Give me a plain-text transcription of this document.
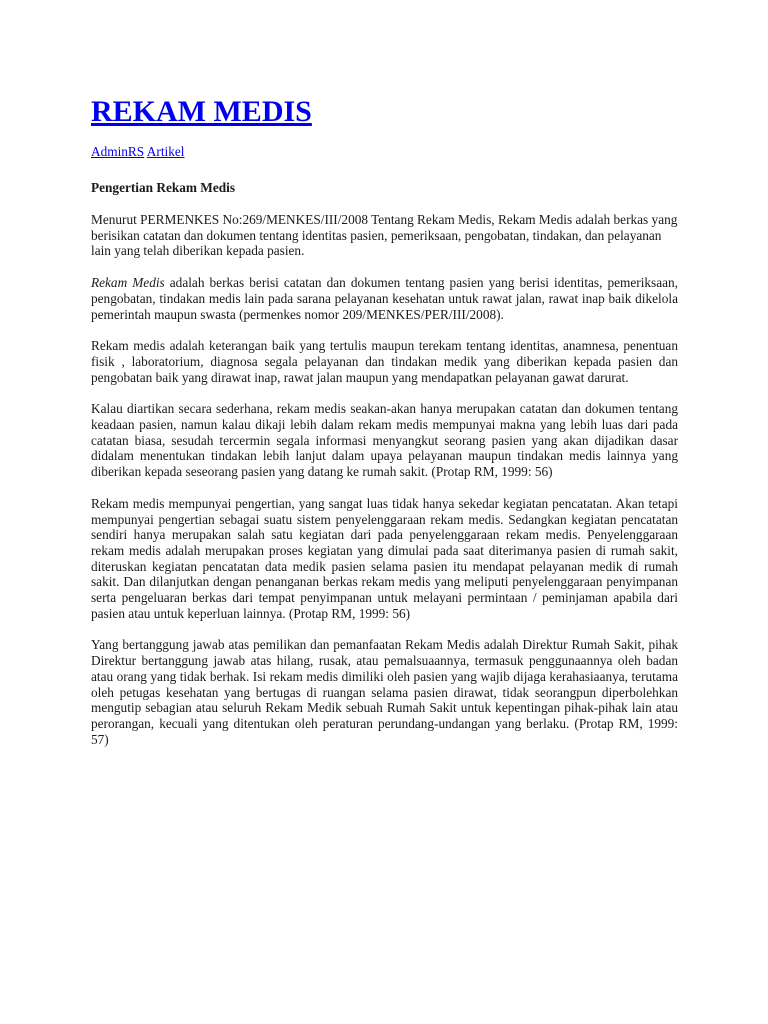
REKAM MEDIS
AdminRS Artikel
Pengertian Rekam Medis

Menurut PERMENKES No:269/MENKES/III/2008 Tentang Rekam Medis, Rekam Medis adalah berkas yang berisikan catatan dan dokumen tentang identitas pasien, pemeriksaan, pengobatan, tindakan, dan pelayanan lain yang telah diberikan kepada pasien.

Rekam Medis adalah berkas berisi catatan dan dokumen tentang pasien yang berisi identitas, pemeriksaan, pengobatan, tindakan medis lain pada sarana pelayanan kesehatan untuk rawat jalan, rawat inap baik dikelola pemerintah maupun swasta (permenkes nomor 209/MENKES/PER/III/2008).

Rekam medis adalah keterangan baik yang tertulis maupun terekam tentang identitas, anamnesa, penentuan fisik , laboratorium, diagnosa segala pelayanan dan tindakan medik yang diberikan kepada pasien dan pengobatan baik yang dirawat inap, rawat jalan maupun yang mendapatkan pelayanan gawat darurat.

Kalau diartikan secara sederhana, rekam medis seakan-akan hanya merupakan catatan dan dokumen tentang keadaan pasien, namun kalau dikaji lebih dalam rekam medis mempunyai makna yang lebih luas dari pada catatan biasa, sesudah tercermin segala informasi menyangkut seorang pasien yang akan dijadikan dasar didalam menentukan tindakan lebih lanjut dalam upaya pelayanan maupun tindakan medis lainnya yang diberikan kepada seseorang pasien yang datang ke rumah sakit. (Protap RM, 1999: 56)

Rekam medis mempunyai pengertian, yang sangat luas tidak hanya sekedar kegiatan pencatatan. Akan tetapi mempunyai pengertian sebagai suatu sistem penyelenggaraan rekam medis. Sedangkan kegiatan pencatatan sendiri hanya merupakan salah satu kegiatan dari pada penyelenggaraan rekam medis. Penyelenggaraan rekam medis adalah merupakan proses kegiatan yang dimulai pada saat diterimanya pasien di rumah sakit, diteruskan kegiatan pencatatan data medik pasien selama pasien itu mendapat pelayanan medik di rumah sakit. Dan dilanjutkan dengan penanganan berkas rekam medis yang meliputi penyelenggaraan penyimpanan serta pengeluaran berkas dari tempat penyimpanan untuk melayani permintaan / peminjaman apabila dari pasien atau untuk keperluan lainnya. (Protap RM, 1999: 56)

Yang bertanggung jawab atas pemilikan dan pemanfaatan Rekam Medis adalah Direktur Rumah Sakit, pihak Direktur bertanggung jawab atas hilang, rusak, atau pemalsuaannya, termasuk penggunaannya oleh badan atau orang yang tidak berhak. Isi rekam medis dimiliki oleh pasien yang wajib dijaga kerahasiaanya, terutama oleh petugas kesehatan yang bertugas di ruangan selama pasien dirawat, tidak seorangpun diperbolehkan mengutip sebagian atau seluruh Rekam Medik sebuah Rumah Sakit untuk kepentingan pihak-pihak lain atau perorangan, kecuali yang ditentukan oleh peraturan perundang-undangan yang berlaku. (Protap RM, 1999: 57)
